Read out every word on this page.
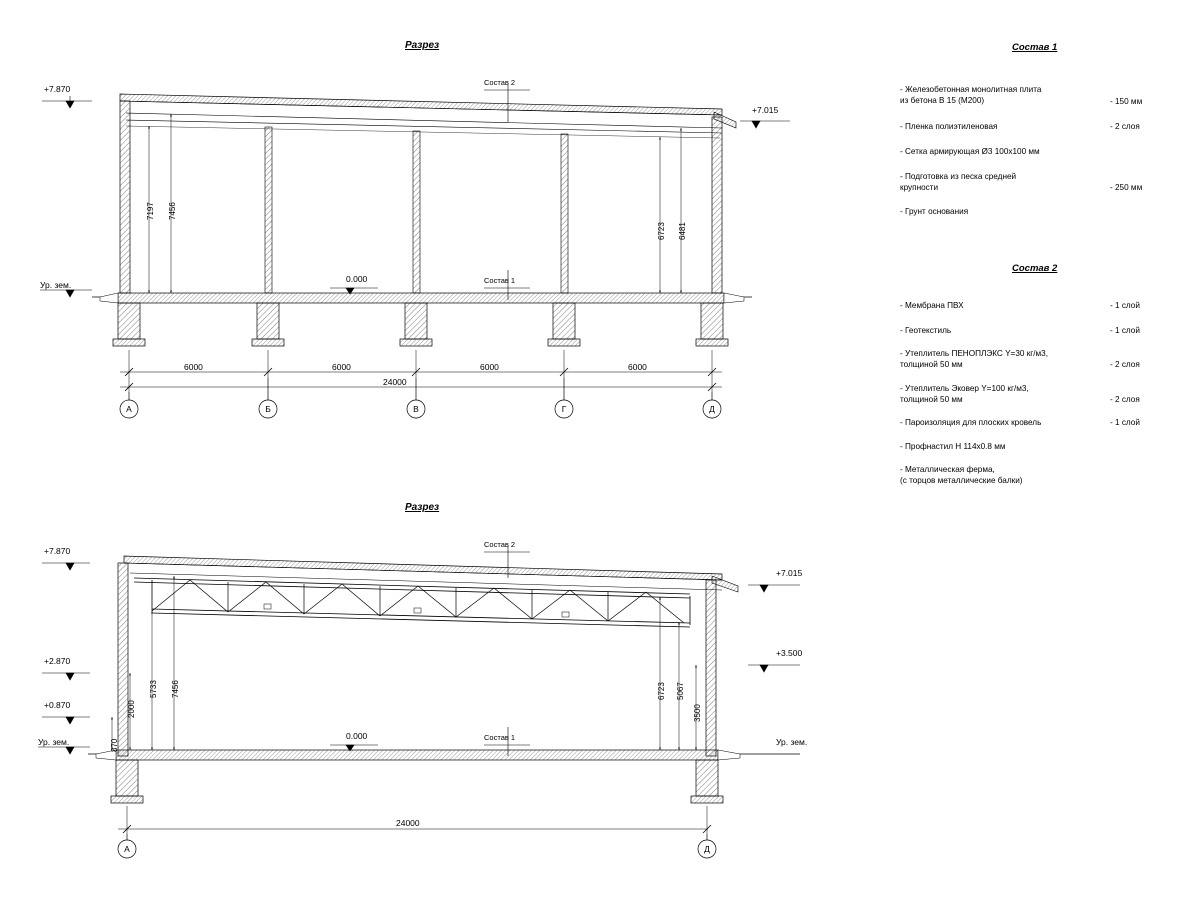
Разрез
+7.870
+7.015
Ур. зем.
0.000
Состав 2
Состав 1
7197 7456
6723 6481
6000	6000	6000	6000
24000
А	Б	В	Г	Д
Разрез
+7.870
+2.870
+0.870
Ур. зем.
+7.015
+3.500
Ур. зем.
0.000
Состав 2
Состав 1
5733 7456
2000
870
6723 5067
3500
24000
А	Д
Состав 1
- Железобетонная монолитная плита
из бетона В 15 (М200)	- 150 мм
- Пленка полиэтиленовая	- 2 слоя
- Сетка армирующая Ø3 100х100 мм
- Подготовка из песка средней
крупности	- 250 мм
- Грунт основания
Состав 2
- Мембрана ПВХ	- 1 слой
- Геотекстиль	- 1 слой
- Утеплитель ПЕНОПЛЭКС Y=30 кг/м3,
толщиной 50 мм	- 2 слоя
- Утеплитель Эковер Y=100 кг/м3,
толщиной 50 мм	- 2 слоя
- Пароизоляция для плоских кровель	- 1 слой
- Профнастил Н 114х0.8 мм
- Металлическая ферма,
(с торцов металлические балки)
